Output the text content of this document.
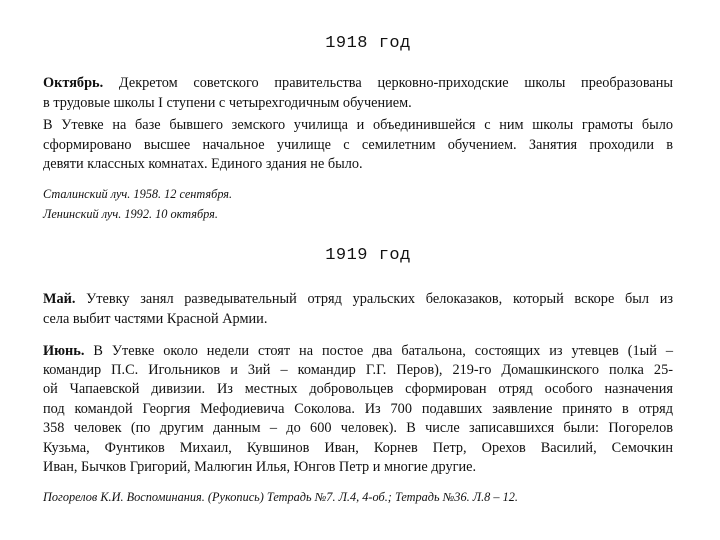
1918 год
Октябрь. Декретом советского правительства церковно-приходские школы преобразованы
в трудовые школы I ступени с четырехгодичным обучением.
В Утевке на базе бывшего земского училища и объединившейся с ним школы грамоты было
сформировано высшее начальное училище с семилетним обучением. Занятия проходили в
девяти классных комнатах. Единого здания не было.
Сталинский луч. 1958. 12 сентября.
Ленинский луч. 1992. 10 октября.
1919 год
Май. Утевку занял разведывательный отряд уральских белоказаков, который вскоре был из
села выбит частями Красной Армии.
Июнь. В Утевке около недели стоят на постое два батальона, состоящих из утевцев (1ый –
командир П.С. Игольников и 3ий – командир Г.Г. Перов), 219-го Домашкинского полка 25-
ой Чапаевской дивизии. Из местных добровольцев сформирован отряд особого назначения
под командой Георгия Мефодиевича Соколова. Из 700 подавших заявление принято в отряд
358 человек (по другим данным – до 600 человек). В числе записавшихся были: Погорелов
Кузьма, Фунтиков Михаил, Кувшинов Иван, Корнев Петр, Орехов Василий, Семочкин
Иван, Бычков Григорий, Малюгин Илья, Юнгов Петр и многие другие.
Погорелов К.И. Воспоминания. (Рукопись) Тетрадь №7. Л.4, 4-об.; Тетрадь №36. Л.8 – 12.
